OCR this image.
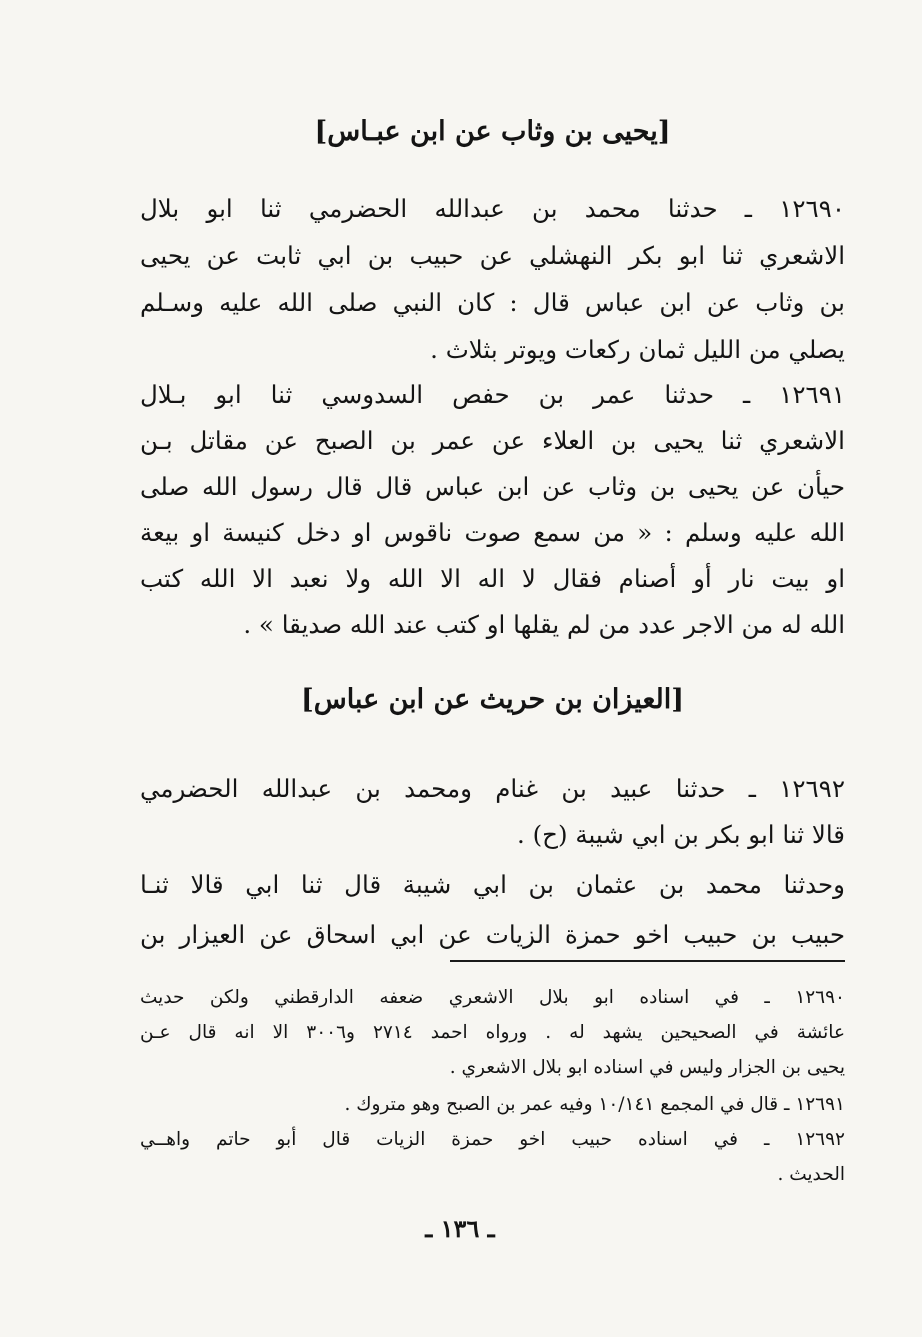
[يحيى بن وثاب عن ابن عبـاس]
١٢٦٩٠ ـ حدثنا محمد بن عبدالله الحضرمي ثنا ابو بلال
الاشعري ثنا ابو بكر النهشلي عن حبيب بن ابي ثابت عن يحيى
بن وثاب عن ابن عباس قال : كان النبي صلى الله عليه وسـلم
يصلي من الليل ثمان ركعات ويوتر بثلاث .
١٢٦٩١ ـ حدثنا عمر بن حفص السدوسي ثنا ابو بـلال
الاشعري ثنا يحيى بن العلاء عن عمر بن الصبح عن مقاتل بـن
حيأن عن يحيى بن وثاب عن ابن عباس قال قال رسول الله صلى
الله عليه وسلم : « من سمع صوت ناقوس او دخل كنيسة او بيعة
او بيت نار أو أصنام فقال لا اله الا الله ولا نعبد الا الله كتب
الله له من الاجر عدد من لم يقلها او كتب عند الله صديقا » .
[العيزان بن حريث عن ابن عباس]
١٢٦٩٢ ـ حدثنا عبيد بن غنام ومحمد بن عبدالله الحضرمي
قالا ثنا ابو بكر بن ابي شيبة (ح) .
وحدثنا محمد بن عثمان بن ابي شيبة قال ثنا ابي قالا ثنـا
حبيب بن حبيب اخو حمزة الزيات عن ابي اسحاق عن العيزار بن
١٢٦٩٠ ـ في اسناده ابو بلال الاشعري ضعفه الدارقطني ولكن حديث
عائشة في الصحيحين يشهد له . ورواه احمد ٢٧١٤ و٣٠٠٦ الا انه قال عـن
يحيى بن الجزار وليس في اسناده ابو بلال الاشعري .
١٢٦٩١ ـ قال في المجمع ١٠/١٤١ وفيه عمر بن الصبح وهو متروك .
١٢٦٩٢ ـ في اسناده حبيب اخو حمزة الزيات قال أبو حاتم واهــي
الحديث .
ـ ١٣٦ ـ
